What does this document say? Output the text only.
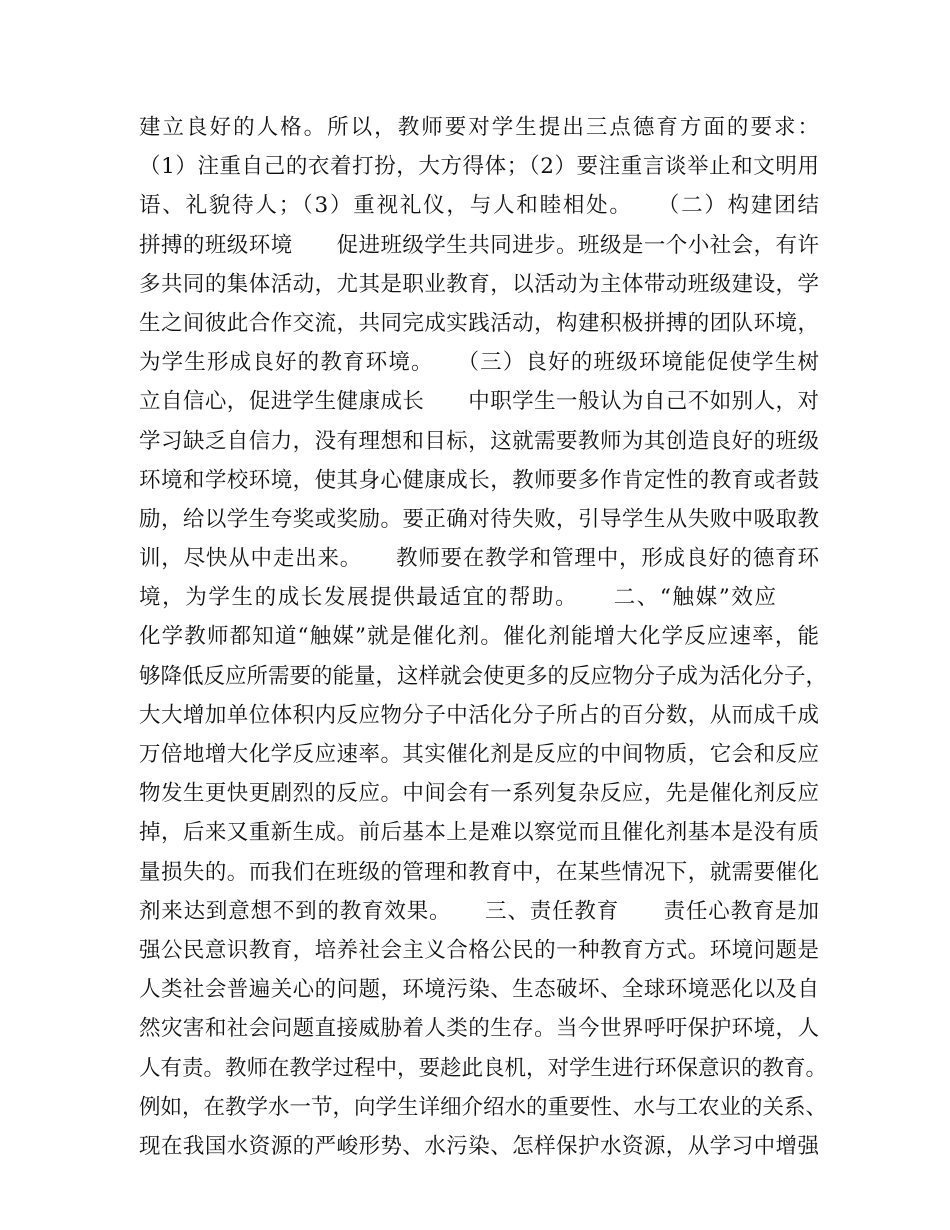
建立良好的人格。所以，教师要对学生提出三点德育方面的要求：
（1）注重自己的衣着打扮，大方得体；（2）要注重言谈举止和文明用
语、礼貌待人；（3）重视礼仪，与人和睦相处。　　（二）构建团结
拼搏的班级环境　　促进班级学生共同进步。班级是一个小社会，有许
多共同的集体活动，尤其是职业教育，以活动为主体带动班级建设，学
生之间彼此合作交流，共同完成实践活动，构建积极拼搏的团队环境，
为学生形成良好的教育环境。　　（三）良好的班级环境能促使学生树
立自信心，促进学生健康成长　　中职学生一般认为自己不如别人，对
学习缺乏自信力，没有理想和目标，这就需要教师为其创造良好的班级
环境和学校环境，使其身心健康成长，教师要多作肯定性的教育或者鼓
励，给以学生夸奖或奖励。要正确对待失败，引导学生从失败中吸取教
训，尽快从中走出来。　　教师要在教学和管理中，形成良好的德育环
境，为学生的成长发展提供最适宜的帮助。　　二、“触媒”效应　　
化学教师都知道“触媒”就是催化剂。催化剂能增大化学反应速率，能
够降低反应所需要的能量，这样就会使更多的反应物分子成为活化分子，
大大增加单位体积内反应物分子中活化分子所占的百分数，从而成千成
万倍地增大化学反应速率。其实催化剂是反应的中间物质，它会和反应
物发生更快更剧烈的反应。中间会有一系列复杂反应，先是催化剂反应
掉，后来又重新生成。前后基本上是难以察觉而且催化剂基本是没有质
量损失的。而我们在班级的管理和教育中，在某些情况下，就需要催化
剂来达到意想不到的教育效果。　　三、责任教育　　责任心教育是加
强公民意识教育，培养社会主义合格公民的一种教育方式。环境问题是
人类社会普遍关心的问题，环境污染、生态破坏、全球环境恶化以及自
然灾害和社会问题直接威胁着人类的生存。当今世界呼吁保护环境，人
人有责。教师在教学过程中，要趁此良机，对学生进行环保意识的教育。
例如，在教学水一节，向学生详细介绍水的重要性、水与工农业的关系、
现在我国水资源的严峻形势、水污染、怎样保护水资源，从学习中增强
